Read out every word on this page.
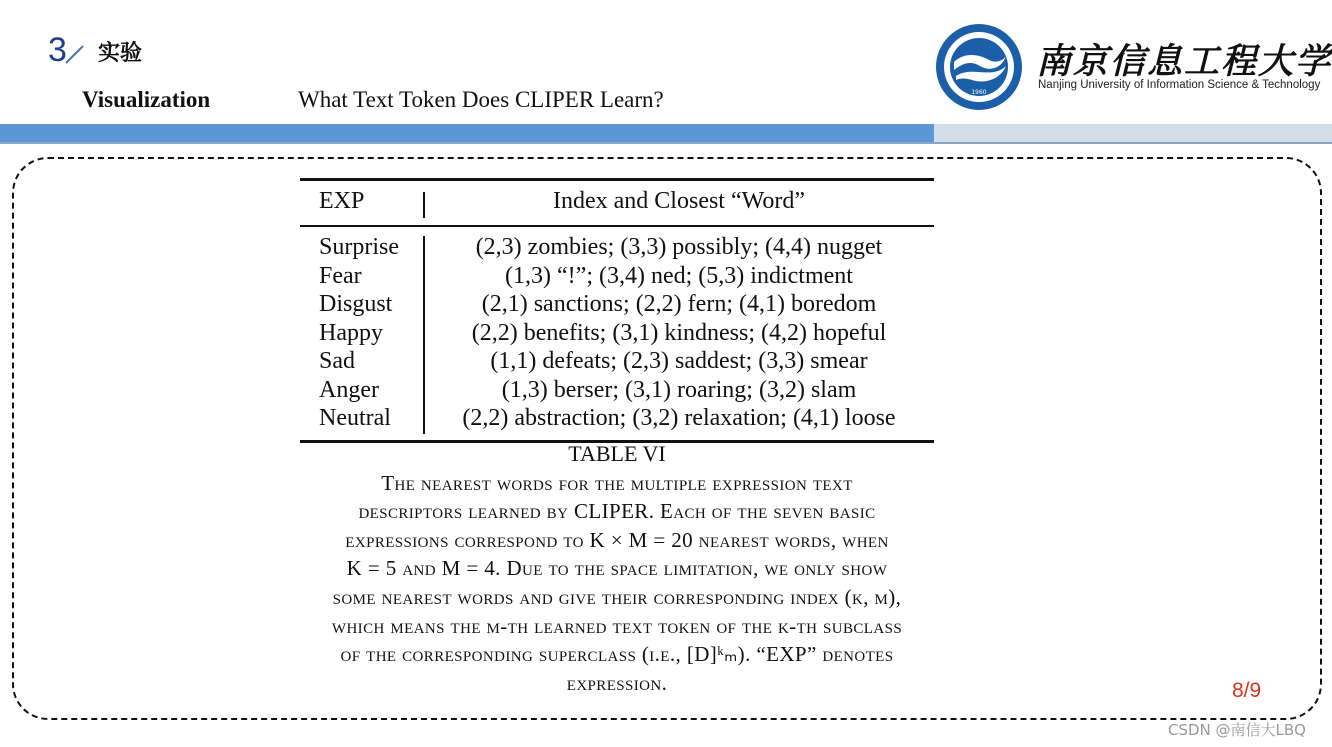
3 实验
Visualization	What Text Token Does CLIPER Learn?	1960
南京信息工程大学
Nanjing University of Information Science & Technology
EXP	Index and Closest “Word”
Surprise	(2,3) zombies; (3,3) possibly; (4,4) nugget
Fear	(1,3) “!”; (3,4) ned; (5,3) indictment
Disgust	(2,1) sanctions; (2,2) fern; (4,1) boredom
Happy	(2,2) benefits; (3,1) kindness; (4,2) hopeful
Sad	(1,1) defeats; (2,3) saddest; (3,3) smear
Anger	(1,3) berser; (3,1) roaring; (3,2) slam
Neutral	(2,2) abstraction; (3,2) relaxation; (4,1) loose
TABLE VI
The nearest words for the multiple expression text
descriptors learned by CLIPER. Each of the seven basic
expressions correspond to K × M = 20 nearest words, when
K = 5 and M = 4. Due to the space limitation, we only show
some nearest words and give their corresponding index (k, m),
which means the m-th learned text token of the k-th subclass
of the corresponding superclass (i.e., [D]ᵏₘ). “EXP” denotes
expression.	8/9
CSDN @南信大LBQ
